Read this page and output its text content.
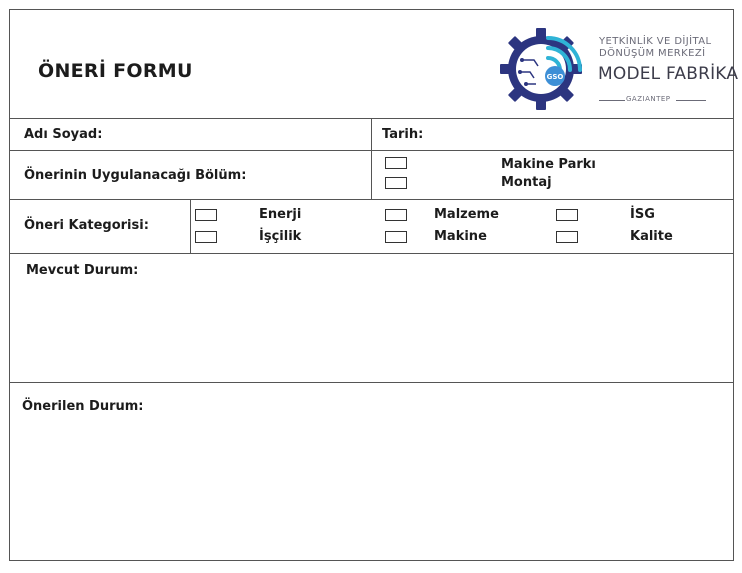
ÖNERİ FORMU	GSO
YETKİNLİK VE DİJİTAL
DÖNÜŞÜM MERKEZİ
MODEL FABRİKA
GAZIANTEP
Adı Soyad:	Tarih:
Önerinin Uygulanacağı Bölüm:
Makine Parkı
Montaj
Öneri Kategorisi:
Enerji
İşçilik
Malzeme
Makine
İSG
Kalite
Mevcut Durum:
Önerilen Durum:
